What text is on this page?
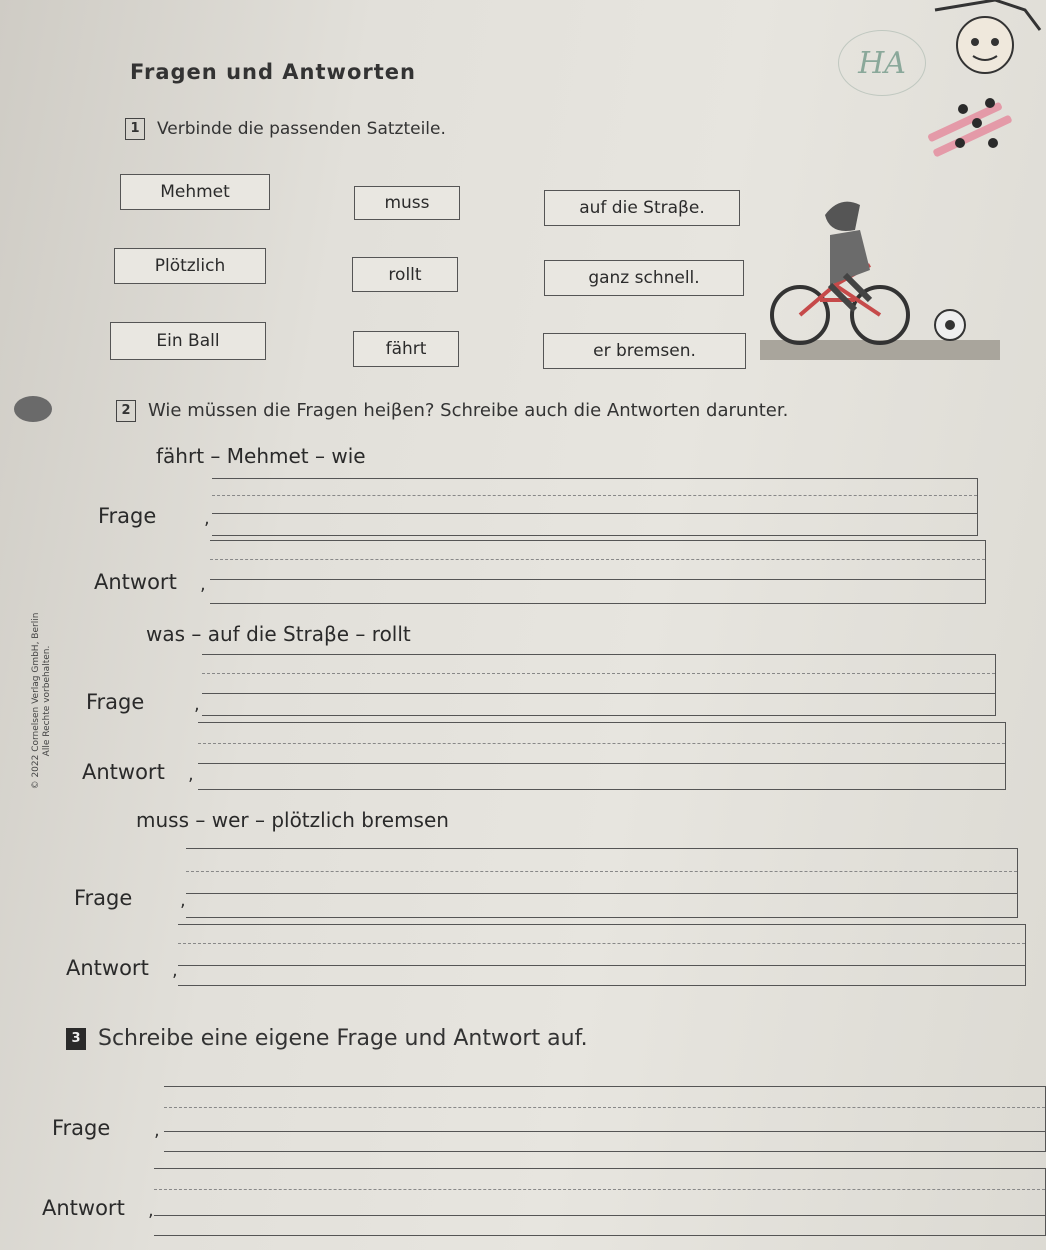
HA
Fragen und Antworten
1 Verbinde die passenden Satzteile.
Mehmet
Plötzlich
Ein Ball
muss
rollt
fährt
auf die Straβe.
ganz schnell.
er bremsen.
2 Wie müssen die Fragen heiβen? Schreibe auch die Antworten darunter.
fährt – Mehmet – wie
Frage	,
Antwort ,
was – auf die Straβe – rollt
Frage	,
Antwort ,
muss – wer – plötzlich bremsen
Frage	,
Antwort ,
3 Schreibe eine eigene Frage und Antwort auf.
Frage ,
Antwort ,
© 2022 Cornelsen Verlag GmbH, Berlin Alle Rechte vorbehalten.
